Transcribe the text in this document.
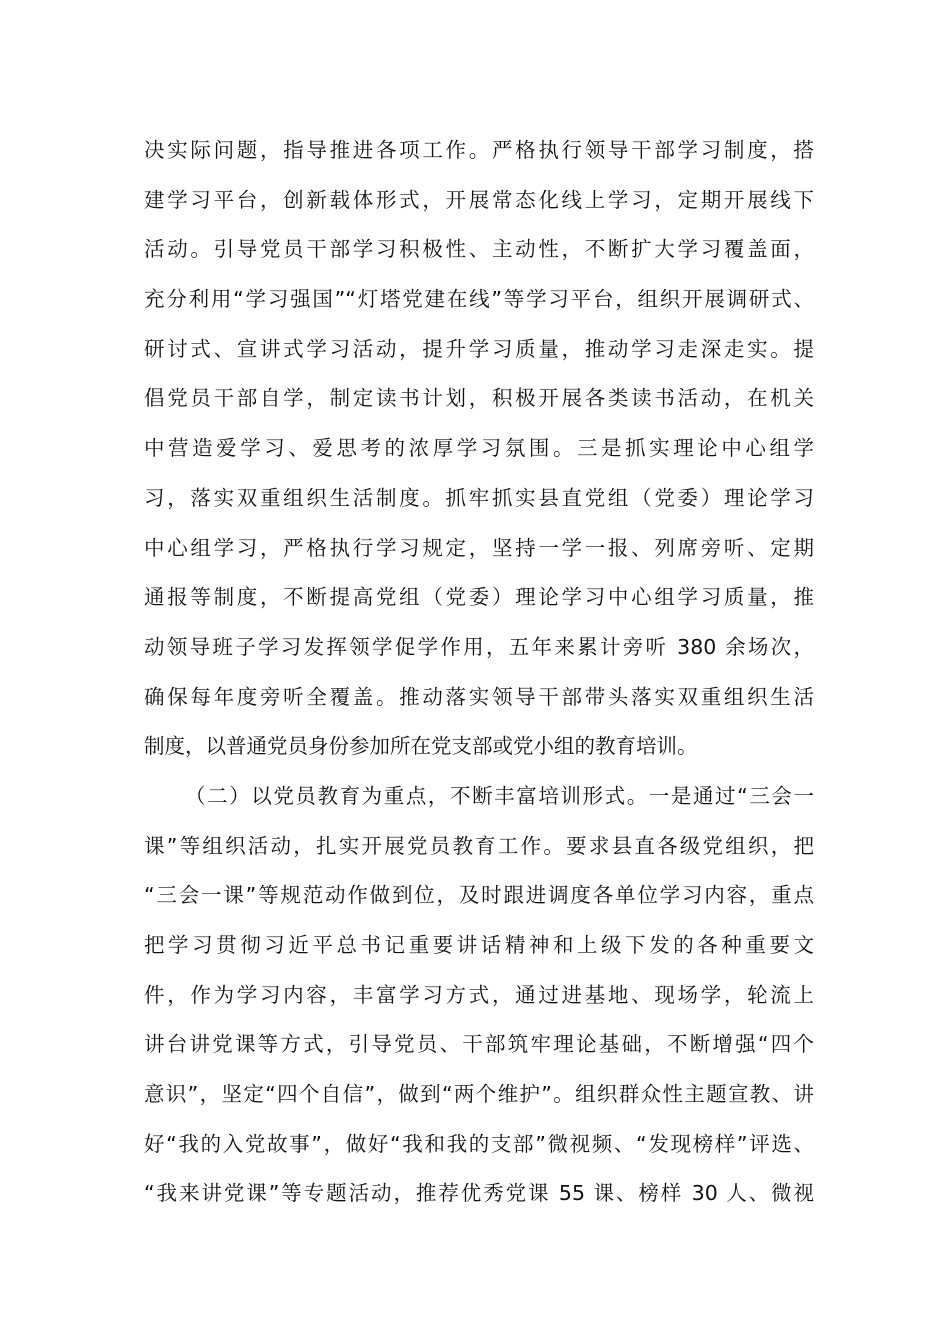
决实际问题，指导推进各项工作。严格执行领导干部学习制度，搭
建学习平台，创新载体形式，开展常态化线上学习，定期开展线下
活动。引导党员干部学习积极性、主动性，不断扩大学习覆盖面，
充分利用“学习强国”“灯塔党建在线”等学习平台，组织开展调研式、
研讨式、宣讲式学习活动，提升学习质量，推动学习走深走实。提
倡党员干部自学，制定读书计划，积极开展各类读书活动，在机关
中营造爱学习、爱思考的浓厚学习氛围。三是抓实理论中心组学
习，落实双重组织生活制度。抓牢抓实县直党组（党委）理论学习
中心组学习，严格执行学习规定，坚持一学一报、列席旁听、定期
通报等制度，不断提高党组（党委）理论学习中心组学习质量，推
动领导班子学习发挥领学促学作用，五年来累计旁听 380 余场次，
确保每年度旁听全覆盖。推动落实领导干部带头落实双重组织生活
制度，以普通党员身份参加所在党支部或党小组的教育培训。
（二）以党员教育为重点，不断丰富培训形式。一是通过“三会一
课”等组织活动，扎实开展党员教育工作。要求县直各级党组织，把
“三会一课”等规范动作做到位，及时跟进调度各单位学习内容，重点
把学习贯彻习近平总书记重要讲话精神和上级下发的各种重要文
件，作为学习内容，丰富学习方式，通过进基地、现场学，轮流上
讲台讲党课等方式，引导党员、干部筑牢理论基础，不断增强“四个
意识”，坚定“四个自信”，做到“两个维护”。组织群众性主题宣教、讲
好“我的入党故事”，做好“我和我的支部”微视频、“发现榜样”评选、
“我来讲党课”等专题活动，推荐优秀党课 55 课、榜样 30 人、微视
